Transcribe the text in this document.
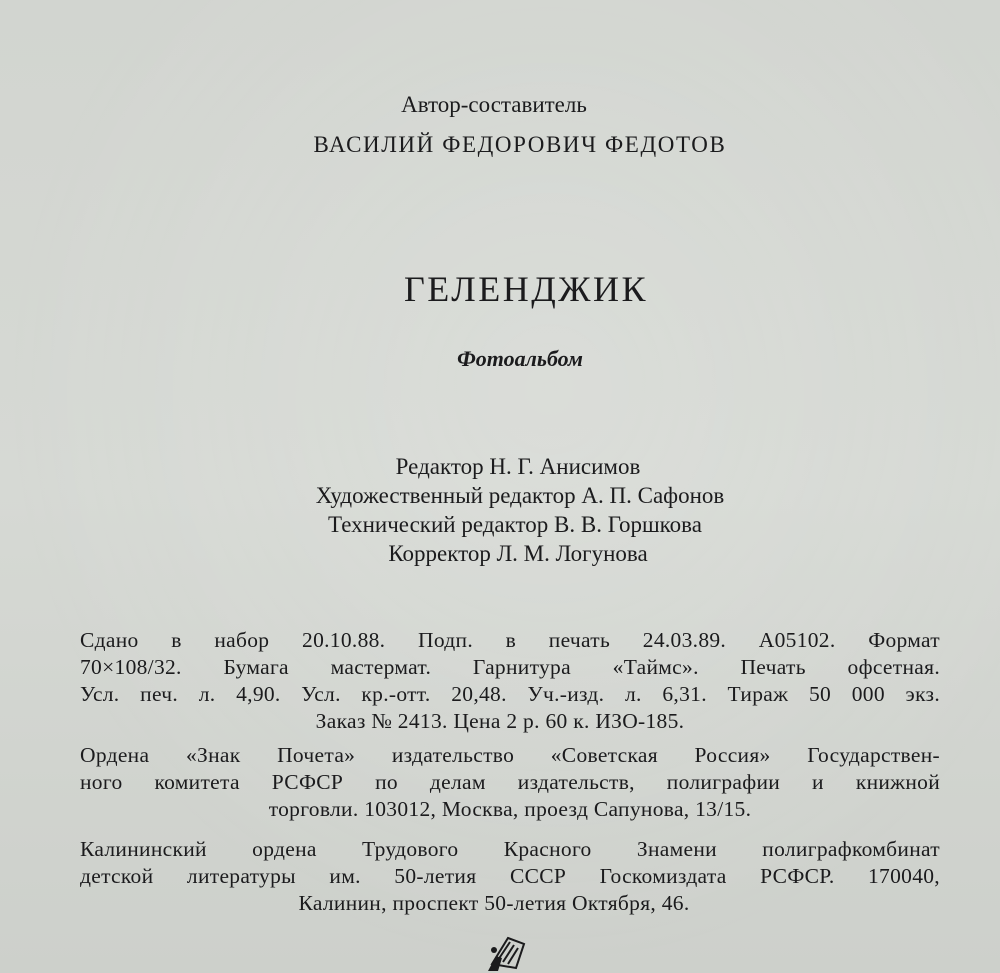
Автор-составитель
ВАСИЛИЙ ФЕДОРОВИЧ ФЕДОТОВ
ГЕЛЕНДЖИК
Фотоальбом
Редактор Н. Г. Анисимов
Художественный редактор А. П. Сафонов
Технический редактор В. В. Горшкова
Корректор Л. М. Логунова
Сдано в набор 20.10.88. Подп. в печать 24.03.89. А05102. Формат
70×108/32. Бумага мастермат. Гарнитура «Таймс». Печать офсетная.
Усл. печ. л. 4,90. Усл. кр.-отт. 20,48. Уч.-изд. л. 6,31. Тираж 50 000 экз.
Заказ № 2413. Цена 2 р. 60 к. ИЗО-185.
Ордена «Знак Почета» издательство «Советская Россия» Государствен-
ного комитета РСФСР по делам издательств, полиграфии и книжной
торговли. 103012, Москва, проезд Сапунова, 13/15.
Калининский ордена Трудового Красного Знамени полиграфкомбинат
детской литературы им. 50-летия СССР Госкомиздата РСФСР. 170040,
Калинин, проспект 50-летия Октября, 46.
